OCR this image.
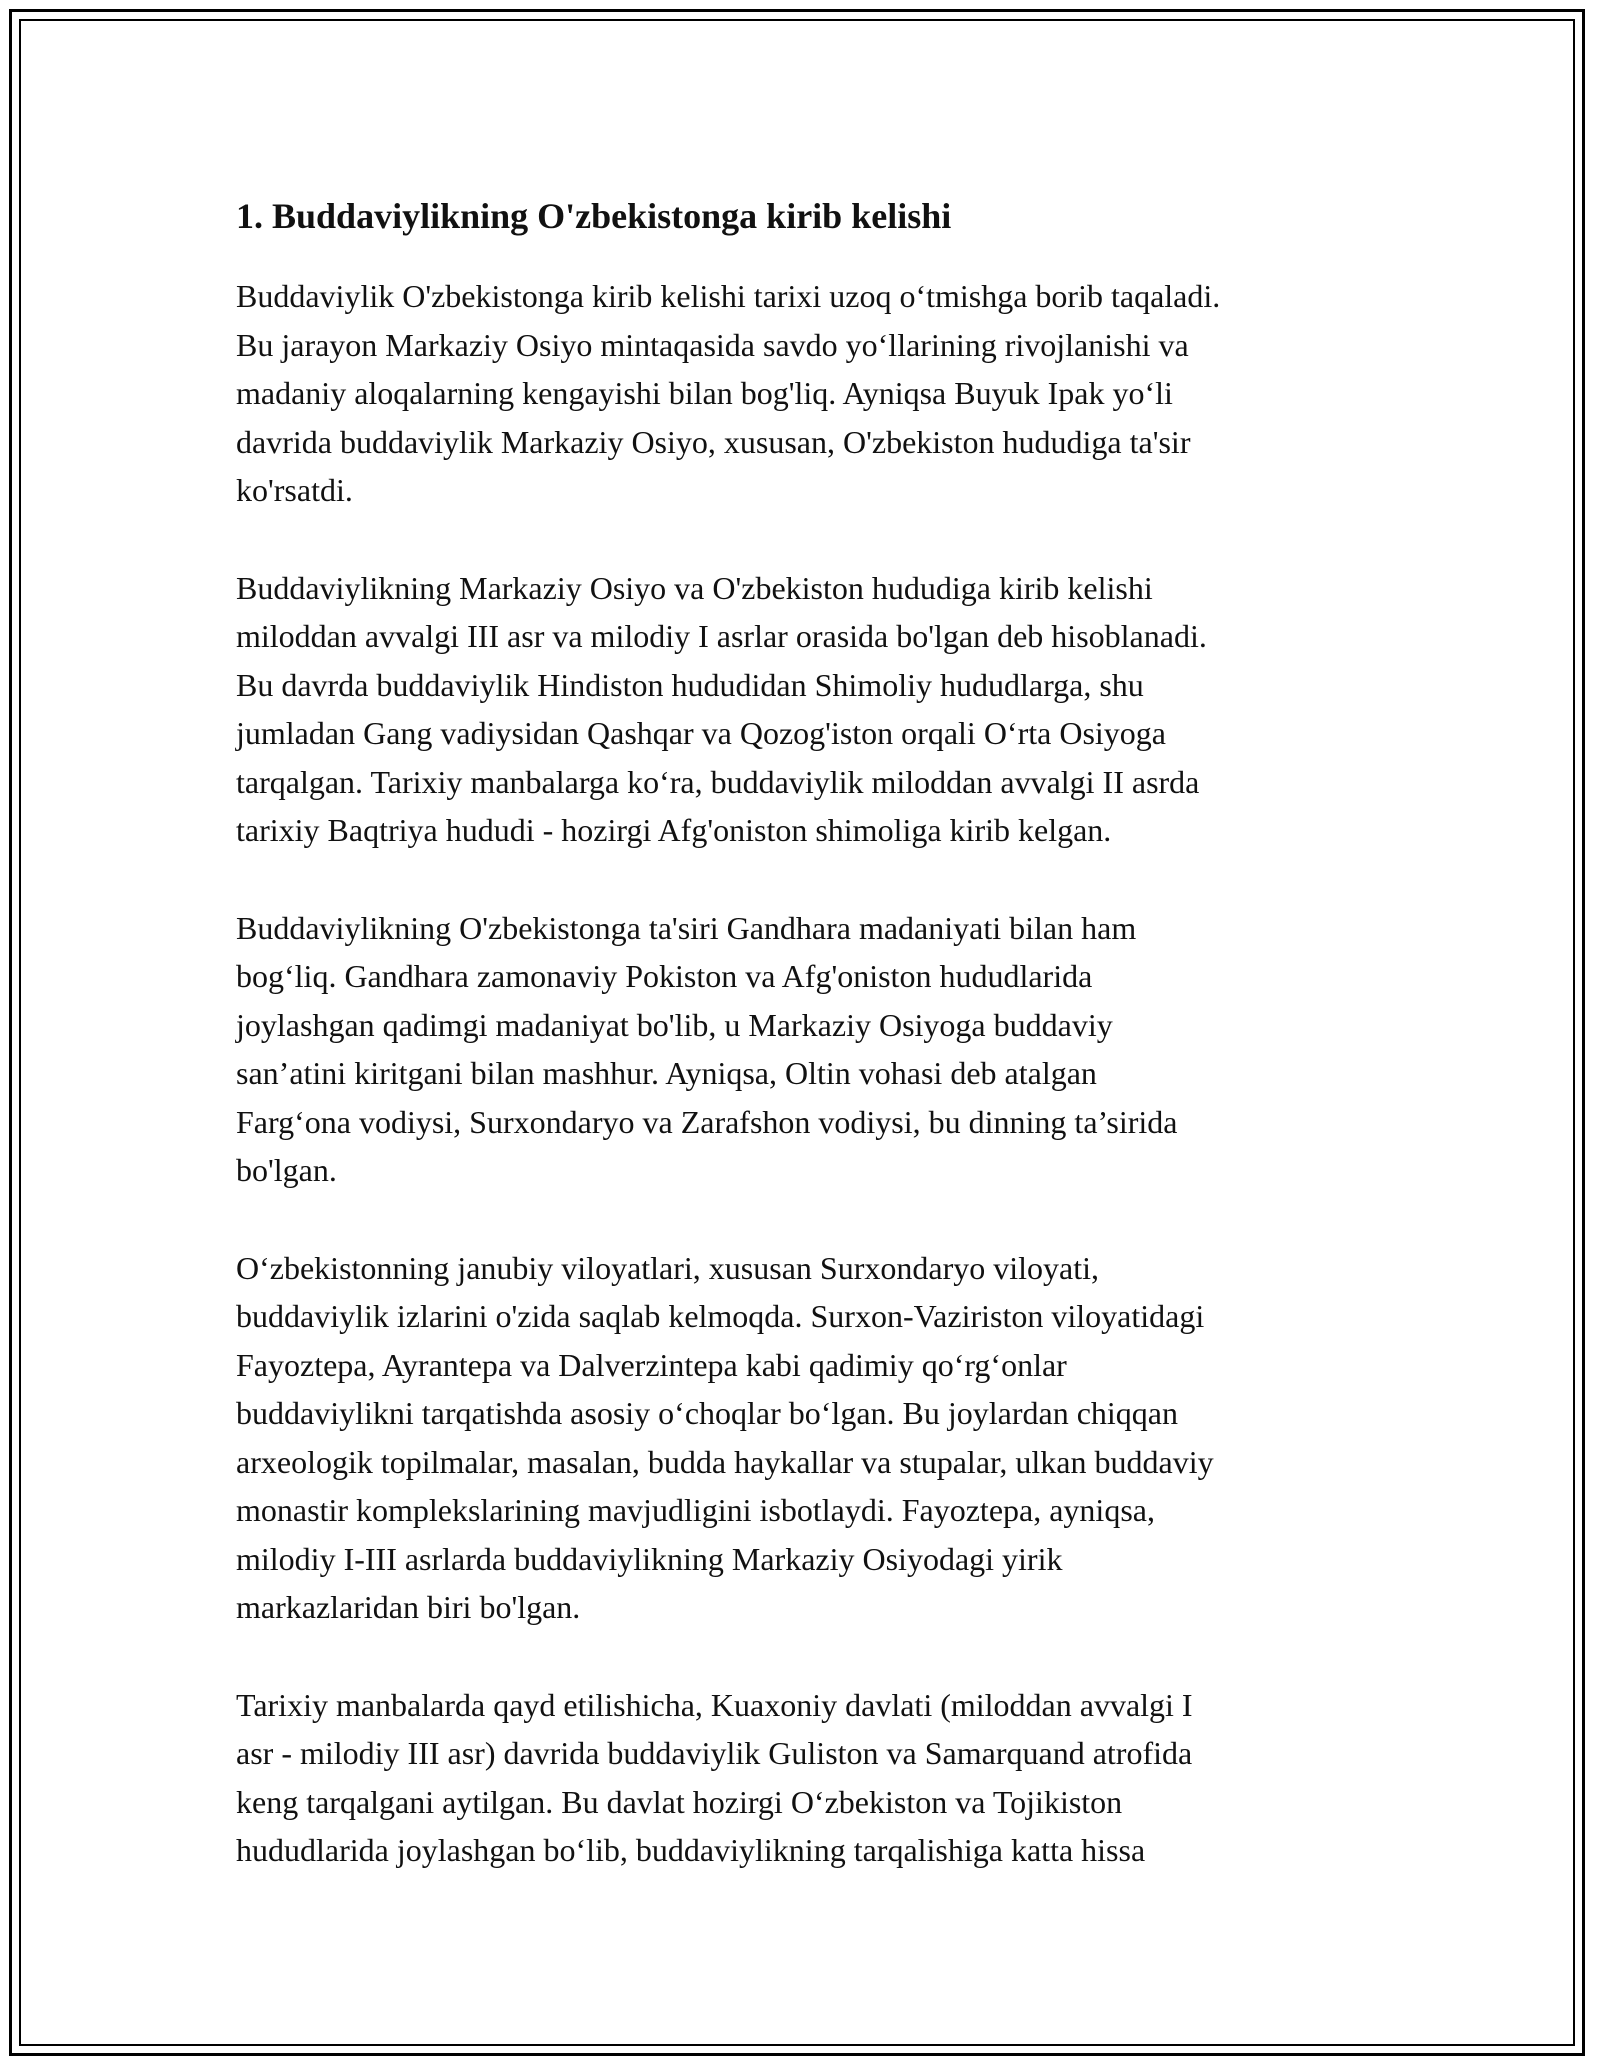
1. Buddaviylikning O'zbekistonga kirib kelishi

Buddaviylik O'zbekistonga kirib kelishi tarixi uzoq o‘tmishga borib taqaladi.
Bu jarayon Markaziy Osiyo mintaqasida savdo yo‘llarining rivojlanishi va
madaniy aloqalarning kengayishi bilan bog'liq. Ayniqsa Buyuk Ipak yo‘li
davrida buddaviylik Markaziy Osiyo, xususan, O'zbekiston hududiga ta'sir
ko'rsatdi.

Buddaviylikning Markaziy Osiyo va O'zbekiston hududiga kirib kelishi
miloddan avvalgi III asr va milodiy I asrlar orasida bo'lgan deb hisoblanadi.
Bu davrda buddaviylik Hindiston hududidan Shimoliy hududlarga, shu
jumladan Gang vadiysidan Qashqar va Qozog'iston orqali O‘rta Osiyoga
tarqalgan. Tarixiy manbalarga ko‘ra, buddaviylik miloddan avvalgi II asrda
tarixiy Baqtriya hududi - hozirgi Afg'oniston shimoliga kirib kelgan.

Buddaviylikning O'zbekistonga ta'siri Gandhara madaniyati bilan ham
bog‘liq. Gandhara zamonaviy Pokiston va Afg'oniston hududlarida
joylashgan qadimgi madaniyat bo'lib, u Markaziy Osiyoga buddaviy
san’atini kiritgani bilan mashhur. Ayniqsa, Oltin vohasi deb atalgan
Farg‘ona vodiysi, Surxondaryo va Zarafshon vodiysi, bu dinning ta’sirida
bo'lgan.

O‘zbekistonning janubiy viloyatlari, xususan Surxondaryo viloyati,
buddaviylik izlarini o'zida saqlab kelmoqda. Surxon-Vaziriston viloyatidagi
Fayoztepa, Ayrantepa va Dalverzintepa kabi qadimiy qo‘rg‘onlar
buddaviylikni tarqatishda asosiy o‘choqlar bo‘lgan. Bu joylardan chiqqan
arxeologik topilmalar, masalan, budda haykallar va stupalar, ulkan buddaviy
monastir komplekslarining mavjudligini isbotlaydi. Fayoztepa, ayniqsa,
milodiy I-III asrlarda buddaviylikning Markaziy Osiyodagi yirik
markazlaridan biri bo'lgan.

Tarixiy manbalarda qayd etilishicha, Kuaxoniy davlati (miloddan avvalgi I
asr - milodiy III asr) davrida buddaviylik Guliston va Samarquand atrofida
keng tarqalgani aytilgan. Bu davlat hozirgi O‘zbekiston va Tojikiston
hududlarida joylashgan bo‘lib, buddaviylikning tarqalishiga katta hissa
